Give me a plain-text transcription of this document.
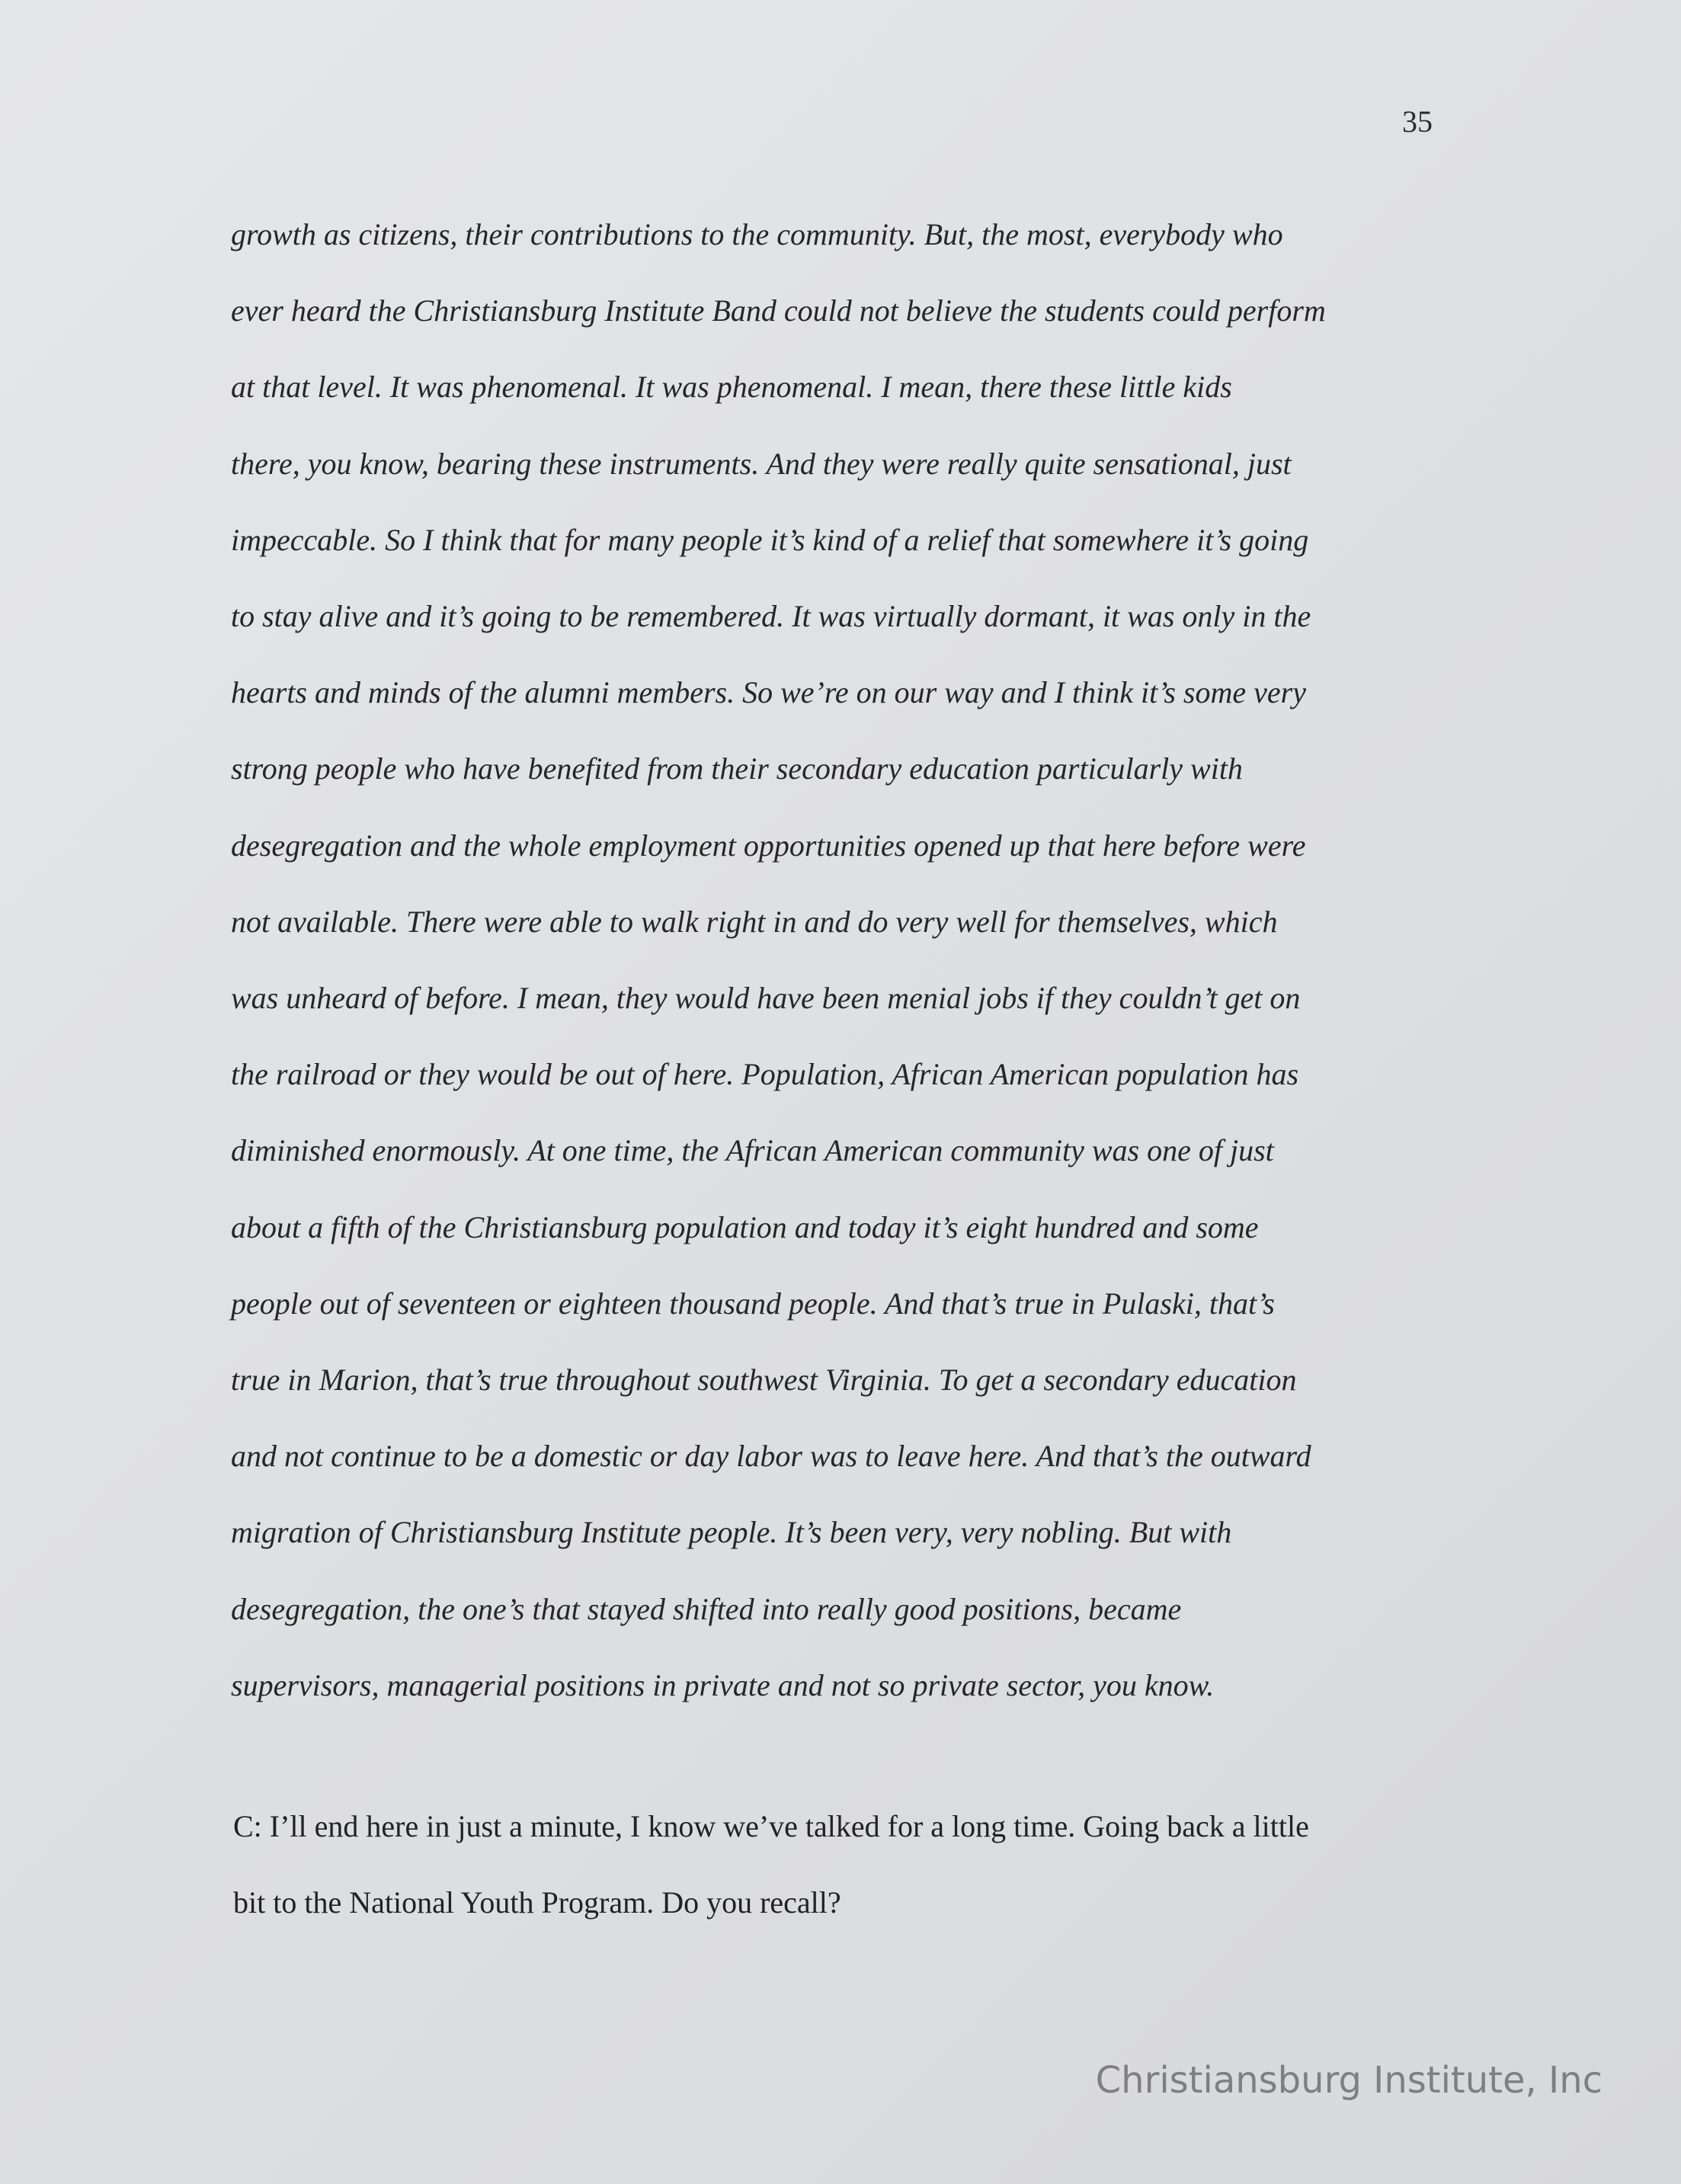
35
growth as citizens, their contributions to the community. But, the most, everybody who
ever heard the Christiansburg Institute Band could not believe the students could perform
at that level. It was phenomenal. It was phenomenal. I mean, there these little kids
there, you know, bearing these instruments. And they were really quite sensational, just
impeccable. So I think that for many people it’s kind of a relief that somewhere it’s going
to stay alive and it’s going to be remembered. It was virtually dormant, it was only in the
hearts and minds of the alumni members. So we’re on our way and I think it’s some very
strong people who have benefited from their secondary education particularly with
desegregation and the whole employment opportunities opened up that here before were
not available. There were able to walk right in and do very well for themselves, which
was unheard of before. I mean, they would have been menial jobs if they couldn’t get on
the railroad or they would be out of here. Population, African American population has
diminished enormously. At one time, the African American community was one of just
about a fifth of the Christiansburg population and today it’s eight hundred and some
people out of seventeen or eighteen thousand people. And that’s true in Pulaski, that’s
true in Marion, that’s true throughout southwest Virginia. To get a secondary education
and not continue to be a domestic or day labor was to leave here. And that’s the outward
migration of Christiansburg Institute people. It’s been very, very nobling. But with
desegregation, the one’s that stayed shifted into really good positions, became
supervisors, managerial positions in private and not so private sector, you know.
C: I’ll end here in just a minute, I know we’ve talked for a long time. Going back a little
bit to the National Youth Program. Do you recall?
Christiansburg Institute, Inc
